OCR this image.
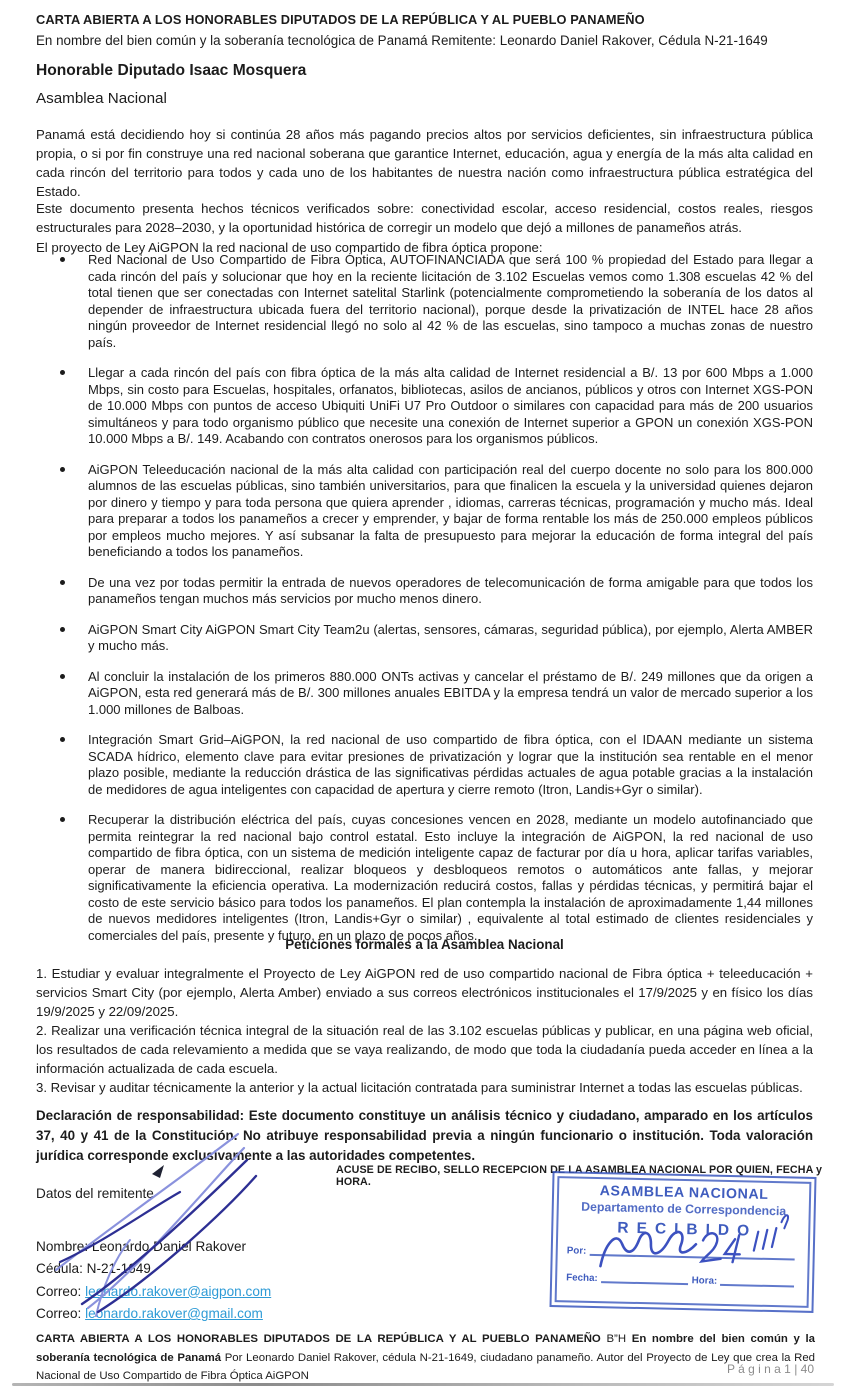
CARTA ABIERTA A LOS HONORABLES DIPUTADOS DE LA REPÚBLICA Y AL PUEBLO PANAMEÑO
En nombre del bien común y la soberanía tecnológica de Panamá Remitente: Leonardo Daniel Rakover, Cédula N-21-1649
Honorable Diputado Isaac Mosquera
Asamblea Nacional

Panamá está decidiendo hoy si continúa 28 años más pagando precios altos por servicios deficientes, sin infraestructura pública propia, o si por fin construye una red nacional soberana que garantice Internet, educación, agua y energía de la más alta calidad en cada rincón del territorio para todos y cada uno de los habitantes de nuestra nación como infraestructura pública estratégica del Estado.

Este documento presenta hechos técnicos verificados sobre: conectividad escolar, acceso residencial, costos reales, riesgos estructurales para 2028–2030, y la oportunidad histórica de corregir un modelo que dejó a millones de panameños atrás.

El proyecto de Ley AiGPON la red nacional de uso compartido de fibra óptica propone:

Red Nacional de Uso Compartido de Fibra Óptica, AUTOFINANCIADA que será 100 % propiedad del Estado para llegar a cada rincón del país y solucionar que hoy en la reciente licitación de 3.102 Escuelas vemos como 1.308 escuelas 42 % del total tienen que ser conectadas con Internet satelital Starlink (potencialmente comprometiendo la soberanía de los datos al depender de infraestructura ubicada fuera del territorio nacional), porque desde la privatización de INTEL hace 28 años ningún proveedor de Internet residencial llegó no solo al 42 % de las escuelas, sino tampoco a muchas zonas de nuestro país.
Llegar a cada rincón del país con fibra óptica de la más alta calidad de Internet residencial a B/. 13 por 600 Mbps a 1.000 Mbps, sin costo para Escuelas, hospitales, orfanatos, bibliotecas, asilos de ancianos, públicos y otros con Internet XGS-PON de 10.000 Mbps con puntos de acceso Ubiquiti UniFi U7 Pro Outdoor o similares con capacidad para más de 200 usuarios simultáneos y para todo organismo público que necesite una conexión de Internet superior a GPON un conexión XGS-PON 10.000 Mbps a B/. 149. Acabando con contratos onerosos para los organismos públicos.
AiGPON Teleeducación nacional de la más alta calidad con participación real del cuerpo docente no solo para los 800.000 alumnos de las escuelas públicas, sino también universitarios, para que finalicen la escuela y la universidad quienes dejaron por dinero y tiempo y para toda persona que quiera aprender , idiomas, carreras técnicas, programación y mucho más. Ideal para preparar a todos los panameños a crecer y emprender, y bajar de forma rentable los más de 250.000 empleos públicos por empleos mucho mejores. Y así subsanar la falta de presupuesto para mejorar la educación de forma integral del país beneficiando a todos los panameños.
De una vez por todas permitir la entrada de nuevos operadores de telecomunicación de forma amigable para que todos los panameños tengan muchos más servicios por mucho menos dinero.
AiGPON Smart City AiGPON Smart City Team2u (alertas, sensores, cámaras, seguridad pública), por ejemplo, Alerta AMBER y mucho más.
Al concluir la instalación de los primeros 880.000 ONTs activas y cancelar el préstamo de B/. 249 millones que da origen a AiGPON, esta red generará más de B/. 300 millones anuales EBITDA y la empresa tendrá un valor de mercado superior a los 1.000 millones de Balboas.
Integración Smart Grid–AiGPON, la red nacional de uso compartido de fibra óptica, con el IDAAN mediante un sistema SCADA hídrico, elemento clave para evitar presiones de privatización y lograr que la institución sea rentable en el menor plazo posible, mediante la reducción drástica de las significativas pérdidas actuales de agua potable gracias a la instalación de medidores de agua inteligentes con capacidad de apertura y cierre remoto (Itron, Landis+Gyr o similar).
Recuperar la distribución eléctrica del país, cuyas concesiones vencen en 2028, mediante un modelo autofinanciado que permita reintegrar la red nacional bajo control estatal. Esto incluye la integración de AiGPON, la red nacional de uso compartido de fibra óptica, con un sistema de medición inteligente capaz de facturar por día u hora, aplicar tarifas variables, operar de manera bidireccional, realizar bloqueos y desbloqueos remotos o automáticos ante fallas, y mejorar significativamente la eficiencia operativa. La modernización reducirá costos, fallas y pérdidas técnicas, y permitirá bajar el costo de este servicio básico para todos los panameños. El plan contempla la instalación de aproximadamente 1,44 millones de nuevos medidores inteligentes (Itron, Landis+Gyr o similar) , equivalente al total estimado de clientes residenciales y comerciales del país, presente y futuro, en un plazo de pocos años.
Peticiones formales a la Asamblea Nacional

1. Estudiar y evaluar integralmente el Proyecto de Ley AiGPON red de uso compartido nacional de Fibra óptica + teleeducación + servicios Smart City (por ejemplo, Alerta Amber) enviado a sus correos electrónicos institucionales el 17/9/2025 y en físico los días 19/9/2025 y 22/09/2025.

2. Realizar una verificación técnica integral de la situación real de las 3.102 escuelas públicas y publicar, en una página web oficial, los resultados de cada relevamiento a medida que se vaya realizando, de modo que toda la ciudadanía pueda acceder en línea a la información actualizada de cada escuela.

3. Revisar y auditar técnicamente la anterior y la actual licitación contratada para suministrar Internet a todas las escuelas públicas.

Declaración de responsabilidad: Este documento constituye un análisis técnico y ciudadano, amparado en los artículos 37, 40 y 41 de la Constitución. No atribuye responsabilidad previa a ningún funcionario o institución. Toda valoración jurídica corresponde exclusivamente a las autoridades competentes.
ACUSE DE RECIBO, SELLO RECEPCION DE LA ASAMBLEA NACIONAL POR QUIEN, FECHA y HORA.

Datos del remitente

Nombre: Leonardo Daniel Rakover

Cédula: N-21-1649

Correo: leonardo.rakover@aigpon.com

Correo: leonardo.rakover@gmail.com

ASAMBLEA NACIONAL
Departamento de Correspondencia
RECIBIDO
Por:
Fecha:	Hora:
CARTA ABIERTA A LOS HONORABLES DIPUTADOS DE LA REPÚBLICA Y AL PUEBLO PANAMEÑO B”H En nombre del bien común y la soberanía tecnológica de Panamá Por Leonardo Daniel Rakover, cédula N-21-1649, ciudadano panameño. Autor del Proyecto de Ley que crea la Red Nacional de Uso Compartido de Fibra Óptica AiGPON	P á g i n a 1 | 40
